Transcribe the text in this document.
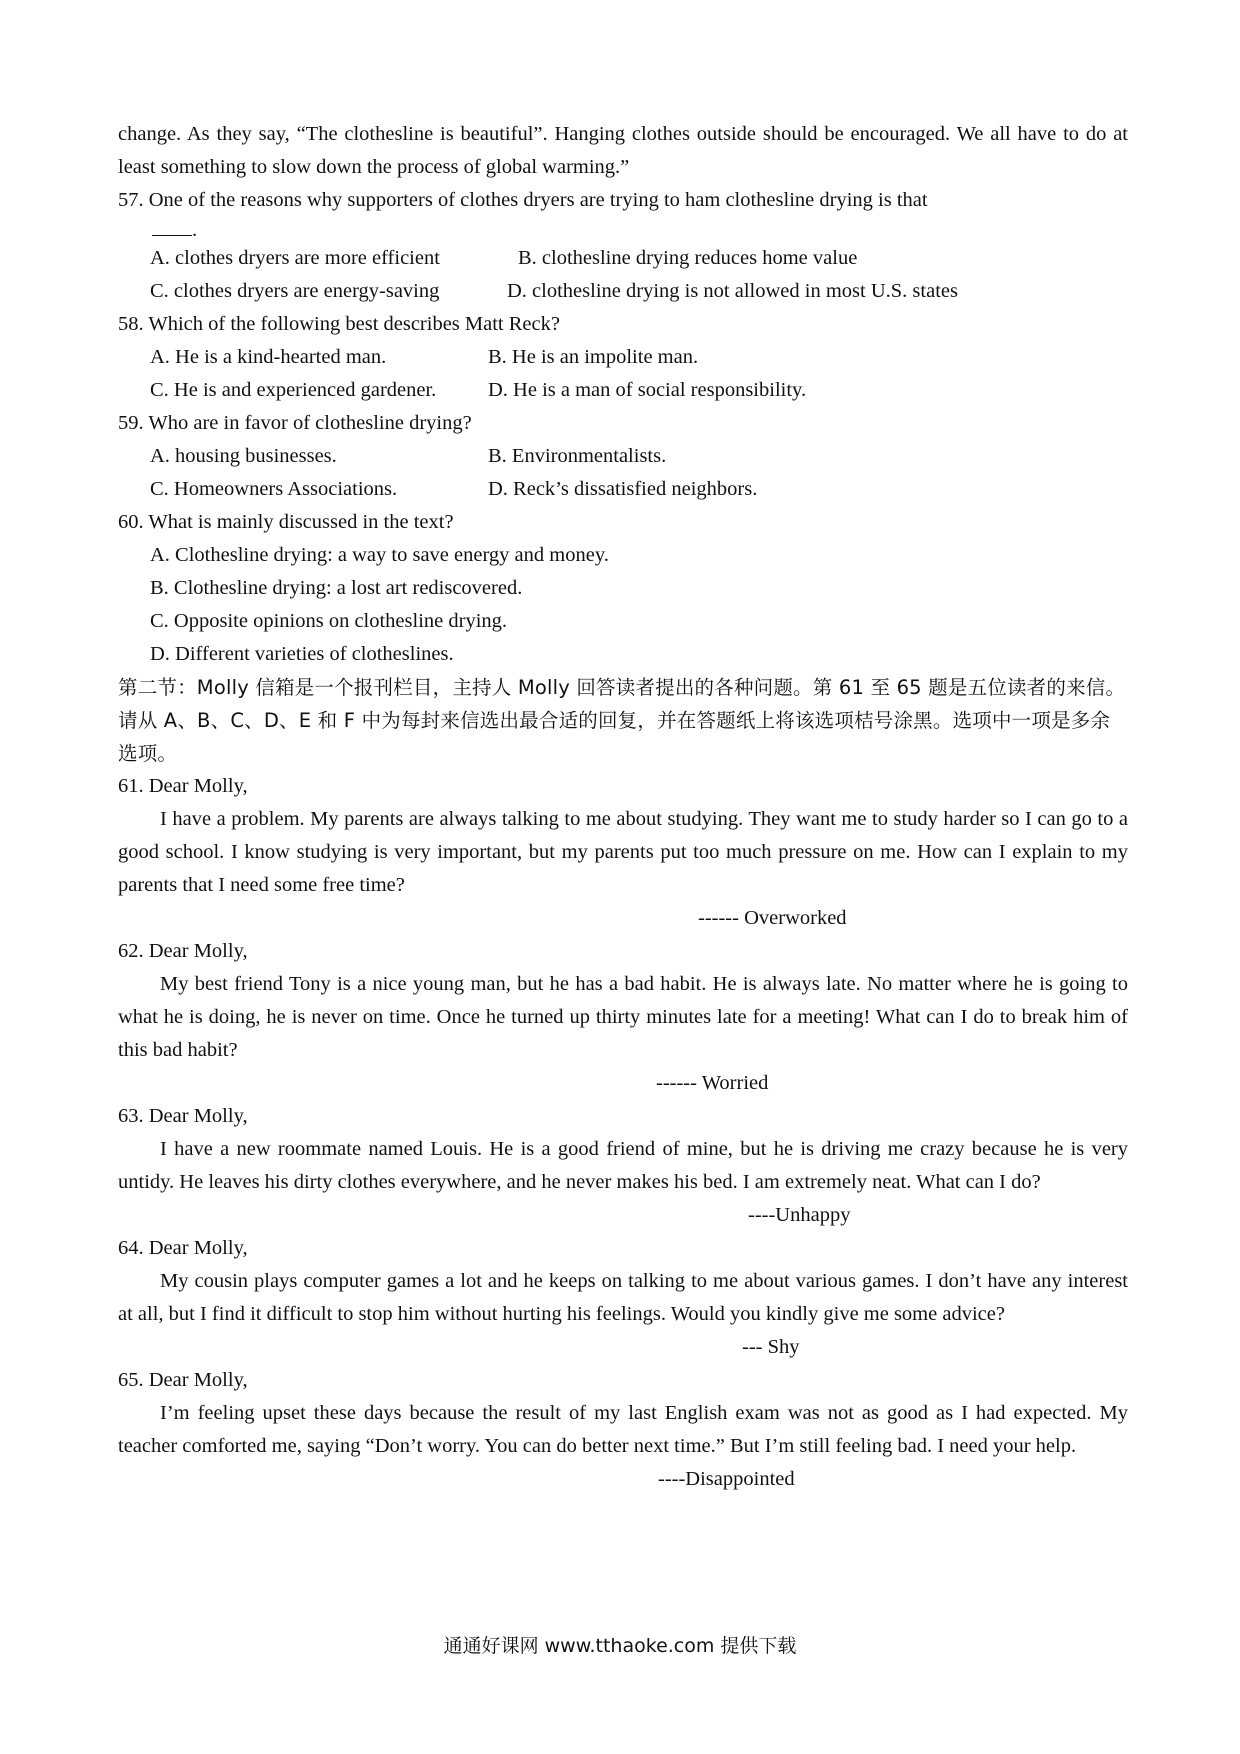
change. As they say, “The clothesline is beautiful”. Hanging clothes outside should be encouraged. We all have to do at least something to slow down the process of global warming.”

57. One of the reasons why supporters of clothes dryers are trying to ham clothesline drying is that

.
A. clothes dryers are more efficient	B. clothesline drying reduces home value
C. clothes dryers are energy-saving	D. clothesline drying is not allowed in most U.S. states

58. Which of the following best describes Matt Reck?

A. He is a kind-hearted man.	B. He is an impolite man.
C. He is and experienced gardener.	D. He is a man of social responsibility.

59. Who are in favor of clothesline drying?

A. housing businesses.	B. Environmentalists.
C. Homeowners Associations.	D. Reck’s dissatisfied neighbors.

60. What is mainly discussed in the text?

A. Clothesline drying: a way to save energy and money.
B. Clothesline drying: a lost art rediscovered.
C. Opposite opinions on clothesline drying.
D. Different varieties of clotheslines.

第二节：Molly 信箱是一个报刊栏目，主持人 Molly 回答读者提出的各种问题。第 61 至 65 题是五位读者的来信。请从 A、B、C、D、E 和 F 中为每封来信选出最合适的回复，并在答题纸上将该选项桔号涂黑。选项中一项是多余选项。

61. Dear Molly,

I have a problem. My parents are always talking to me about studying. They want me to study harder so I can go to a good school. I know studying is very important, but my parents put too much pressure on me. How can I explain to my parents that I need some free time?

------ Overworked

62. Dear Molly,

My best friend Tony is a nice young man, but he has a bad habit. He is always late. No matter where he is going to what he is doing, he is never on time. Once he turned up thirty minutes late for a meeting! What can I do to break him of this bad habit?

------ Worried

63. Dear Molly,

I have a new roommate named Louis. He is a good friend of mine, but he is driving me crazy because he is very untidy. He leaves his dirty clothes everywhere, and he never makes his bed. I am extremely neat. What can I do?

----Unhappy

64. Dear Molly,

My cousin plays computer games a lot and he keeps on talking to me about various games. I don’t have any interest at all, but I find it difficult to stop him without hurting his feelings. Would you kindly give me some advice?

--- Shy

65. Dear Molly,

I’m feeling upset these days because the result of my last English exam was not as good as I had expected. My teacher comforted me, saying “Don’t worry. You can do better next time.” But I’m still feeling bad. I need your help.

----Disappointed

通通好课网 www.tthaoke.com 提供下载
